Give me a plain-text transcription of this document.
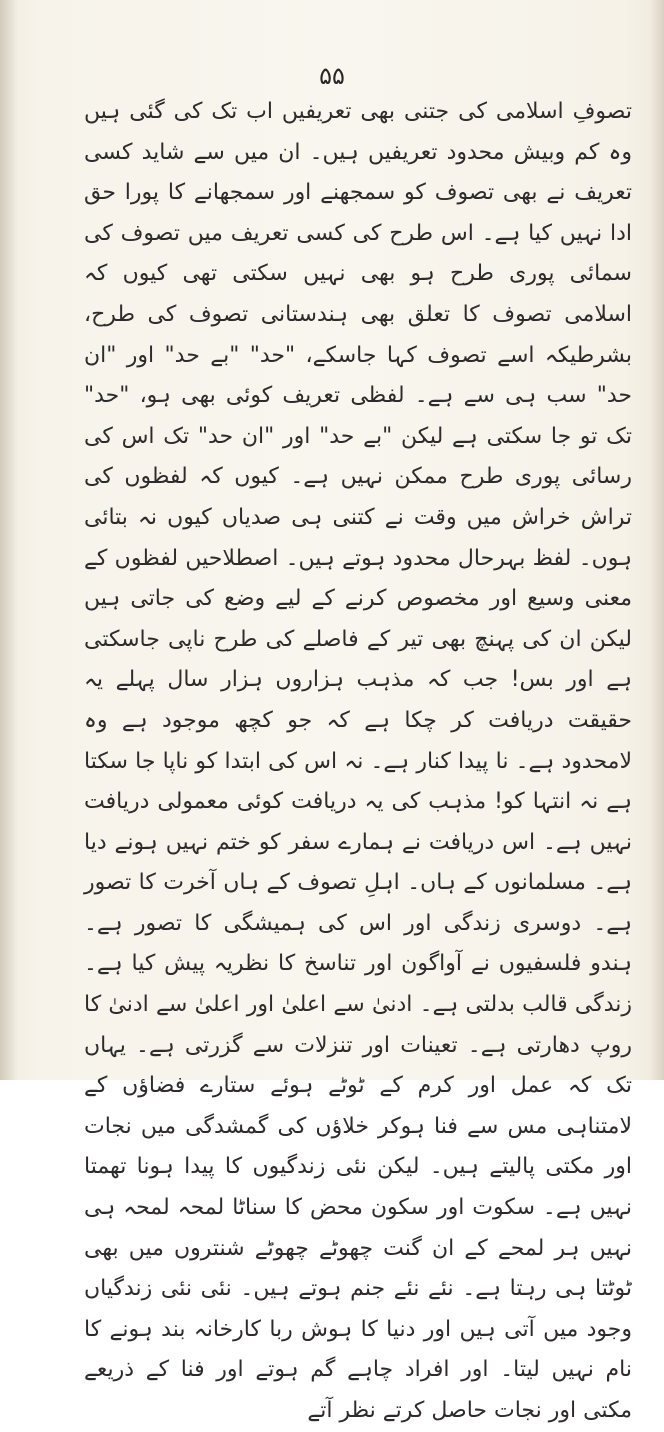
۵۵

تصوفِ اسلامی کی جتنی بھی تعریفیں اب تک کی گئی ہیں وہ کم وبیش محدود تعریفیں ہیں۔ ان میں سے شاید کسی تعریف نے بھی تصوف کو سمجھنے اور سمجھانے کا پورا حق ادا نہیں کیا ہے۔ اس طرح کی کسی تعریف میں تصوف کی سمائی پوری طرح ہو بھی نہیں سکتی تھی کیوں کہ اسلامی تصوف کا تعلق بھی ہندستانی تصوف کی طرح، بشرطیکہ اسے تصوف کہا جاسکے، "حد" "بے حد" اور "ان حد" سب ہی سے ہے۔ لفظی تعریف کوئی بھی ہو، "حد" تک تو جا سکتی ہے لیکن "بے حد" اور "ان حد" تک اس کی رسائی پوری طرح ممکن نہیں ہے۔ کیوں کہ لفظوں کی تراش خراش میں وقت نے کتنی ہی صدیاں کیوں نہ بتائی ہوں۔ لفظ بہرحال محدود ہوتے ہیں۔ اصطلاحیں لفظوں کے معنی وسیع اور مخصوص کرنے کے لیے وضع کی جاتی ہیں لیکن ان کی پہنچ بھی تیر کے فاصلے کی طرح ناپی جاسکتی ہے اور بس! جب کہ مذہب ہزاروں ہزار سال پہلے یہ حقیقت دریافت کر چکا ہے کہ جو کچھ موجود ہے وہ لامحدود ہے۔ نا پیدا کنار ہے۔ نہ اس کی ابتدا کو ناپا جا سکتا ہے نہ انتہا کو! مذہب کی یہ دریافت کوئی معمولی دریافت نہیں ہے۔ اس دریافت نے ہمارے سفر کو ختم نہیں ہونے دیا ہے۔ مسلمانوں کے ہاں۔ اہلِ تصوف کے ہاں آخرت کا تصور ہے۔ دوسری زندگی اور اس کی ہمیشگی کا تصور ہے۔ ہندو فلسفیوں نے آواگون اور تناسخ کا نظریہ پیش کیا ہے۔ زندگی قالب بدلتی ہے۔ ادنیٰ سے اعلیٰ اور اعلیٰ سے ادنیٰ کا روپ دھارتی ہے۔ تعینات اور تنزلات سے گزرتی ہے۔ یہاں تک کہ عمل اور کرم کے ٹوٹے ہوئے ستارے فضاؤں کے لامتناہی مس سے فنا ہوکر خلاؤں کی گمشدگی میں نجات اور مکتی پالیتے ہیں۔ لیکن نئی زندگیوں کا پیدا ہونا تھمتا نہیں ہے۔ سکوت اور سکون محض کا سناٹا لمحہ لمحہ ہی نہیں ہر لمحے کے ان گنت چھوٹے چھوٹے شنتروں میں بھی ٹوٹتا ہی رہتا ہے۔ نئے نئے جنم ہوتے ہیں۔ نئی نئی زندگیاں وجود میں آتی ہیں اور دنیا کا ہوش ربا کارخانہ بند ہونے کا نام نہیں لیتا۔ اور افراد چاہے گم ہوتے اور فنا کے ذریعے مکتی اور نجات حاصل کرتے نظر آتے
